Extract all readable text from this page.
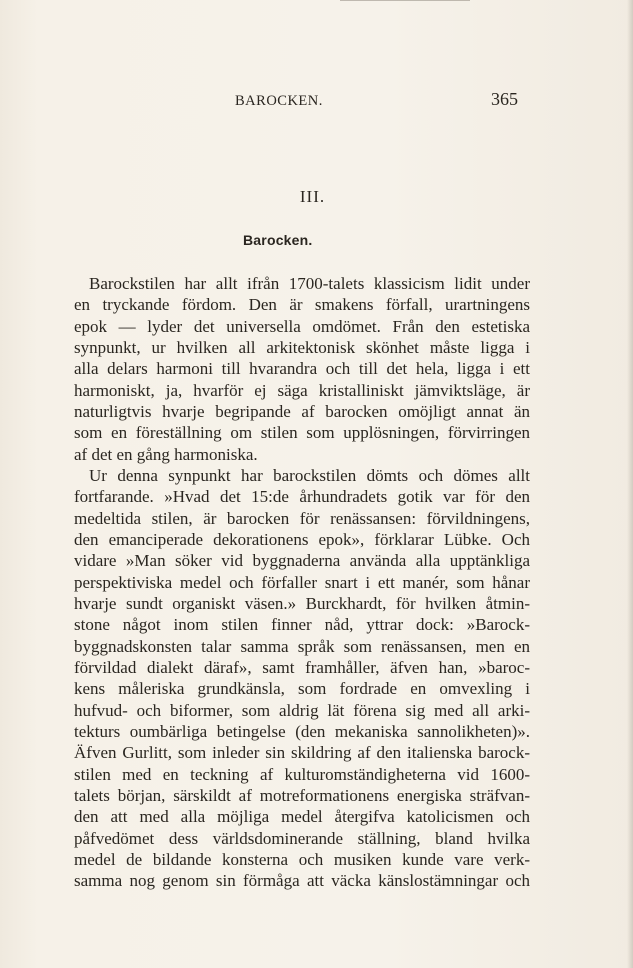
BAROCKEN.	365
III.
Barocken.
Barockstilen har allt ifrån 1700-talets klassicism lidit under
en tryckande fördom. Den är smakens förfall, urartningens
epok — lyder det universella omdömet. Från den estetiska
synpunkt, ur hvilken all arkitektonisk skönhet måste ligga i
alla delars harmoni till hvarandra och till det hela, ligga i ett
harmoniskt, ja, hvarför ej säga kristalliniskt jämviktsläge, är
naturligtvis hvarje begripande af barocken omöjligt annat än
som en föreställning om stilen som upplösningen, förvirringen
af det en gång harmoniska.
Ur denna synpunkt har barockstilen dömts och dömes allt
fortfarande. »Hvad det 15:de århundradets gotik var för den
medeltida stilen, är barocken för renässansen: förvildningens,
den emanciperade dekorationens epok», förklarar Lübke. Och
vidare »Man söker vid byggnaderna använda alla upptänkliga
perspektiviska medel och förfaller snart i ett manér, som hånar
hvarje sundt organiskt väsen.» Burckhardt, för hvilken åtmin-
stone något inom stilen finner nåd, yttrar dock: »Barock-
byggnadskonsten talar samma språk som renässansen, men en
förvildad dialekt däraf», samt framhåller, äfven han, »baroc-
kens måleriska grundkänsla, som fordrade en omvexling i
hufvud- och biformer, som aldrig lät förena sig med all arki-
tekturs oumbärliga betingelse (den mekaniska sannolikheten)».
Äfven Gurlitt, som inleder sin skildring af den italienska barock-
stilen med en teckning af kulturomständigheterna vid 1600-
talets början, särskildt af motreformationens energiska sträfvan-
den att med alla möjliga medel återgifva katolicismen och
påfvedömet dess världsdominerande ställning, bland hvilka
medel de bildande konsterna och musiken kunde vare verk-
samma nog genom sin förmåga att väcka känslostämningar och
